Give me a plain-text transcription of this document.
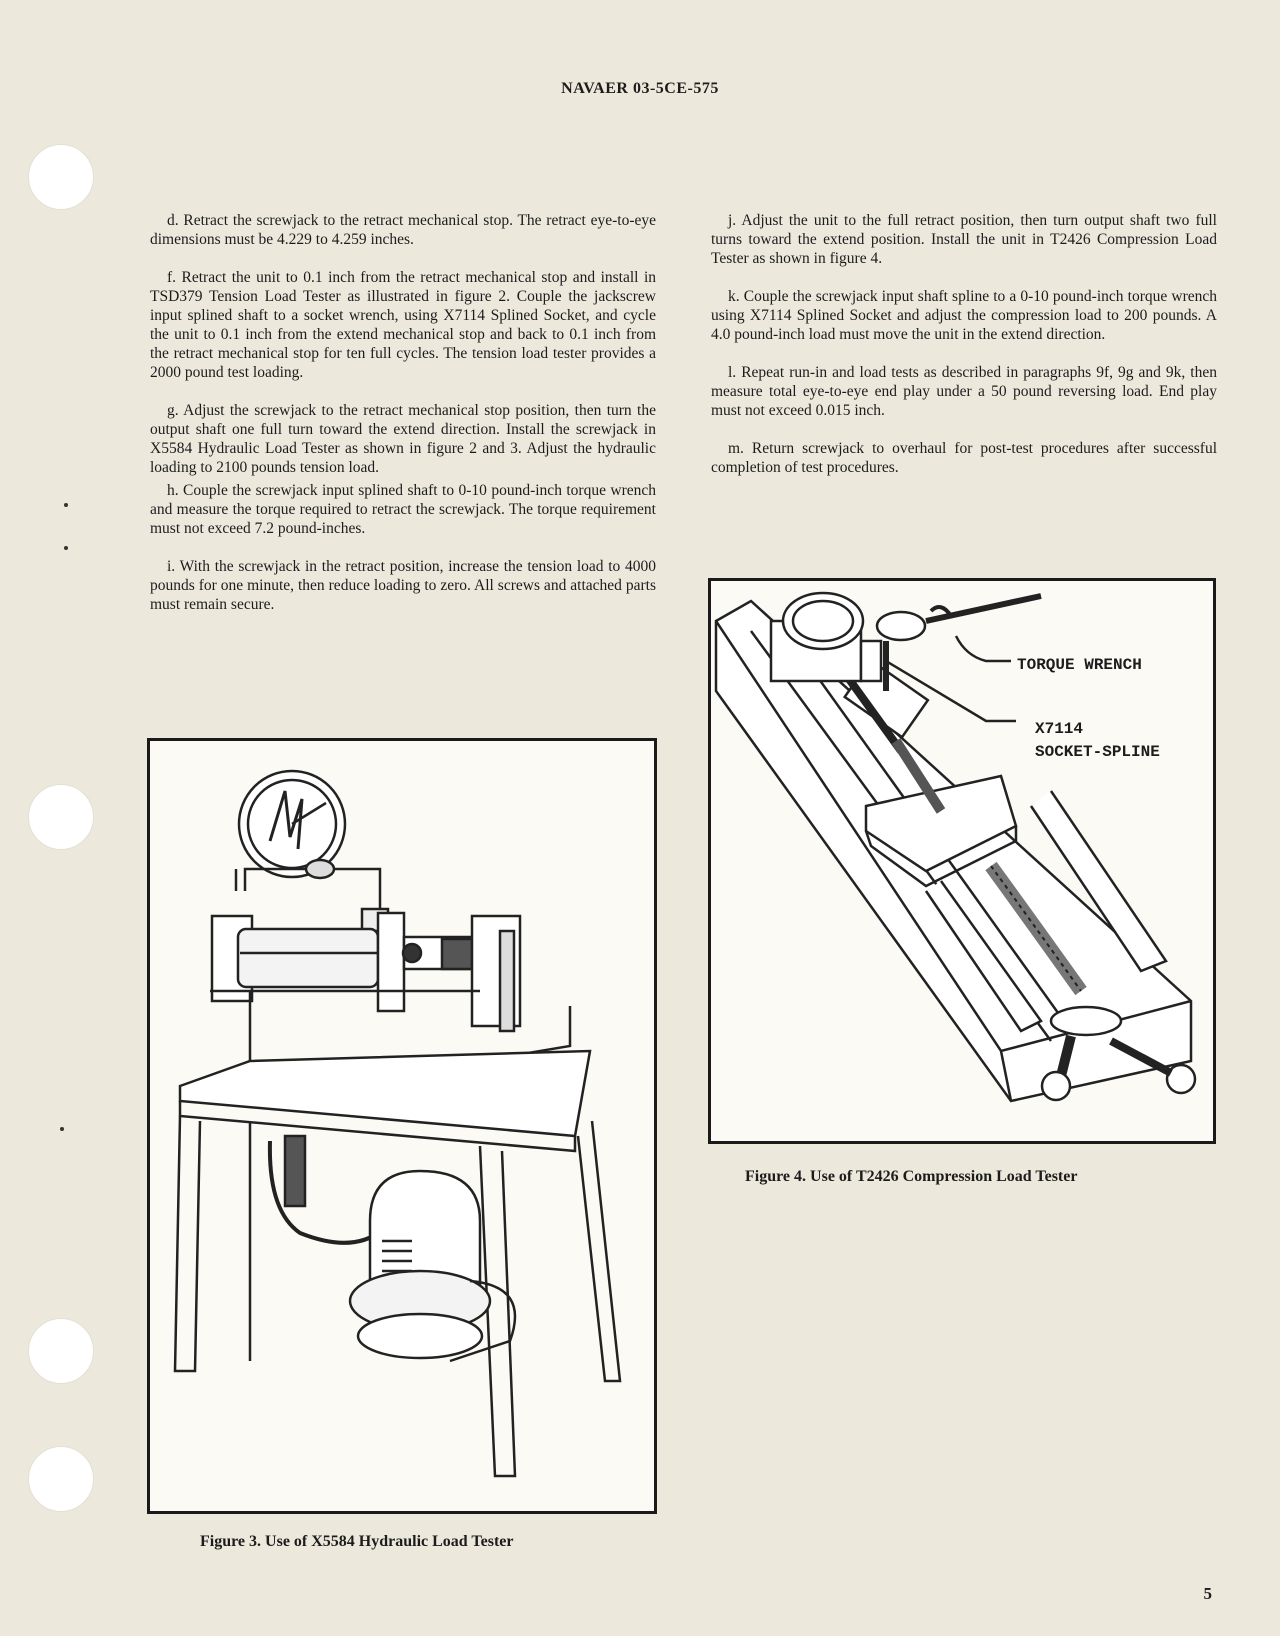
NAVAER 03-5CE-575

d. Retract the screwjack to the retract mechanical stop. The retract eye-to-eye dimensions must be 4.229 to 4.259 inches.

f. Retract the unit to 0.1 inch from the retract mechanical stop and install in TSD379 Tension Load Tester as illustrated in figure 2. Couple the jackscrew input splined shaft to a socket wrench, using X7114 Splined Socket, and cycle the unit to 0.1 inch from the extend mechanical stop and back to 0.1 inch from the retract mechanical stop for ten full cycles. The tension load tester provides a 2000 pound test loading.

g. Adjust the screwjack to the retract mechanical stop position, then turn the output shaft one full turn toward the extend direction. Install the screwjack in X5584 Hydraulic Load Tester as shown in figure 2 and 3. Adjust the hydraulic loading to 2100 pounds tension load.

h. Couple the screwjack input splined shaft to 0-10 pound-inch torque wrench and measure the torque required to retract the screwjack. The torque requirement must not exceed 7.2 pound-inches.

i. With the screwjack in the retract position, increase the tension load to 4000 pounds for one minute, then reduce loading to zero. All screws and attached parts must remain secure.

j. Adjust the unit to the full retract position, then turn output shaft two full turns toward the extend position. Install the unit in T2426 Compression Load Tester as shown in figure 4.

k. Couple the screwjack input shaft spline to a 0-10 pound-inch torque wrench using X7114 Splined Socket and adjust the compression load to 200 pounds. A 4.0 pound-inch load must move the unit in the extend direction.

l. Repeat run-in and load tests as described in paragraphs 9f, 9g and 9k, then measure total eye-to-eye end play under a 50 pound reversing load. End play must not exceed 0.015 inch.

m. Return screwjack to overhaul for post-test procedures after successful completion of test procedures.

Figure 3. Use of X5584 Hydraulic Load Tester
TORQUE WRENCH
X7114
SOCKET-SPLINE
Figure 4. Use of T2426 Compression Load Tester
5
